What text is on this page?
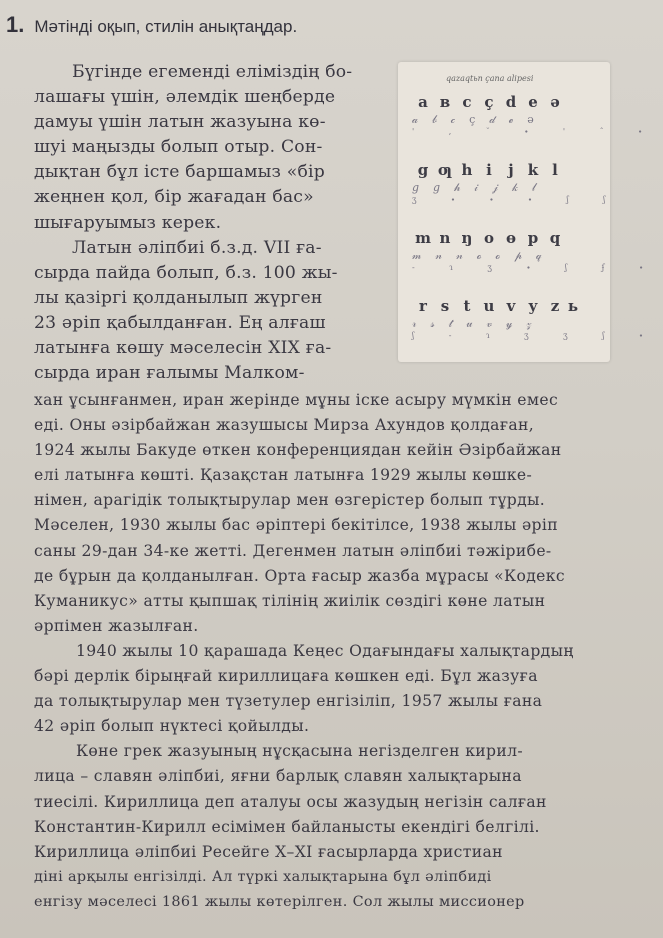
1. Мәтінді оқып, стилін анықтаңдар.
Бүгінде егеменді еліміздің бо-
лашағы үшін, әлемдік шеңберде
дамуы үшін латын жазуына кө-
шуі маңызды болып отыр. Сон-
дықтан бұл істе баршамыз «бір
жеңнен қол, бір жағадан бас»
шығаруымыз керек.
Латын әліпбиі б.з.д. VII ға-
сырда пайда болып, б.з. 100 жы-
лы қазіргі қолданылып жүрген
23 әріп қабылданған. Ең алғаш
латынға көшу мәселесін XIX ға-
сырда иран ғалымы Малком-
qazaqtьn çana alipesi
a в c ç d e ә
𝒶𝒷𝒸ç𝒹ℯə
' , ˘ ∙ ' ˆ ∙
g ƣ h i j k l
𝑔𝑔𝒽𝒾𝒿𝓀𝓁
ʒ ∙ ∙ ∙ ʃ ʃ
m n ŋ o ө p q
𝓂𝓃𝓃ℴℴ𝓅𝓆
- ɿ ʒ ∙ ʃ ʄ ∙
r s t u v y z ь
𝓇𝓈𝓉𝓊𝓋𝓎𝓏
ʃ - ɿ ʒ ʒ ʃ ∙
хан ұсынғанмен, иран жерінде мұны іске асыру мүмкін емес
еді. Оны әзірбайжан жазушысы Мирза Ахундов қолдаған,
1924 жылы Бакуде өткен конференциядан кейін Әзірбайжан
елі латынға көшті. Қазақстан латынға 1929 жылы көшке-
німен, арагідік толықтырулар мен өзгерістер болып тұрды.
Мәселен, 1930 жылы бас әріптері бекітілсе, 1938 жылы әріп
саны 29-дан 34-ке жетті. Дегенмен латын әліпбиі тәжірибе-
де бұрын да қолданылған. Орта ғасыр жазба мұрасы «Кодекс
Куманикус» атты қыпшақ тілінің жиілік сөздігі көне латын
әрпімен жазылған.
1940 жылы 10 қарашада Кеңес Одағындағы халықтардың
бәрі дерлік бірыңғай кириллицаға көшкен еді. Бұл жазуға
да толықтырулар мен түзетулер енгізіліп, 1957 жылы ғана
42 әріп болып нүктесі қойылды.
Көне грек жазуының нұсқасына негізделген кирил-
лица – славян әліпбиі, яғни барлық славян халықтарына
тиесілі. Кириллица деп аталуы осы жазудың негізін салған
Константин-Кирилл есімімен байланысты екендігі белгілі.
Кириллица әліпбиі Ресейге X–XI ғасырларда христиан
діні арқылы енгізілді. Ал түркі халықтарына бұл әліпбиді
енгізу мәселесі 1861 жылы көтерілген. Сол жылы миссионер
